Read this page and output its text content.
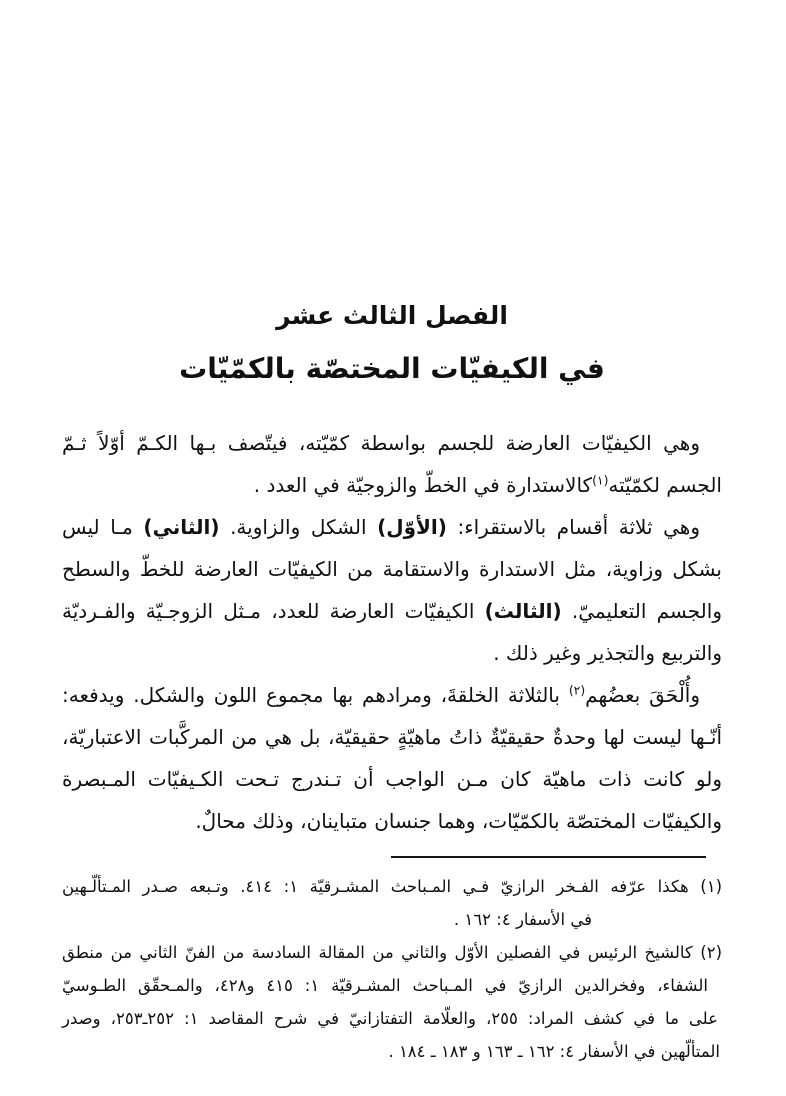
الفصل الثالث عشر
في الكيفيّات المختصّة بالكمّيّات
وهي الكيفيّات العارضة للجسم بواسطة كمّيّته، فيتّصف بـها الكـمّ أوّلاً ثـمّ
الجسم لكمّيّته$^{(١)}$كالاستدارة في الخطّ والزوجيّة في العدد .
وهي ثلاثة أقسام بالاستقراء: (الأوّل) الشكل والزاوية. (الثاني) مـا ليس
بشكل وزاوية، مثل الاستدارة والاستقامة من الكيفيّات العارضة للخطّ والسطح
والجسم التعليميّ. (الثالث) الكيفيّات العارضة للعدد، مـثل الزوجـيّة والفـرديّة
والتربيع والتجذير وغير ذلك .
وأُلْحَقَ بعضُهم$^{(٢)}$ بالثلاثة الخلقةَ، ومرادهم بها مجموع اللون والشكل. ويدفعه:
أنّـها ليست لها وحدةٌ حقيقيّةٌ ذاتُ ماهيّةٍ حقيقيّة، بل هي من المركَّبات الاعتباريّة،
ولو كانت ذات ماهيّة كان مـن الواجب أن تـندرج تـحت الكـيفيّات المـبصرة
والكيفيّات المختصّة بالكمّيّات، وهما جنسان متباينان، وذلك محالٌ.
(١) هكذا عرّفه الفـخر الرازيّ فـي المـباحث المشـرقيّة ١: ٤١٤. وتـبعه صـدر المـتألّـهين
في الأسفار ٤: ١٦٢ .
(٢) كالشيخ الرئيس في الفصلين الأوّل والثاني من المقالة السادسة من الفنّ الثاني من منطق
الشفاء، وفخرالدين الرازيّ في المـباحث المشـرقيّة ١: ٤١٥ و٤٢٨، والمـحقّق الطـوسيّ
على ما في كشف المراد: ٢٥٥، والعلّامة التفتازانيّ في شرح المقاصد ١: ٢٥٢ـ٢٥٣، وصدر
المتألّهين في الأسفار ٤: ١٦٢ ـ ١٦٣ و ١٨٣ ـ ١٨٤ .
